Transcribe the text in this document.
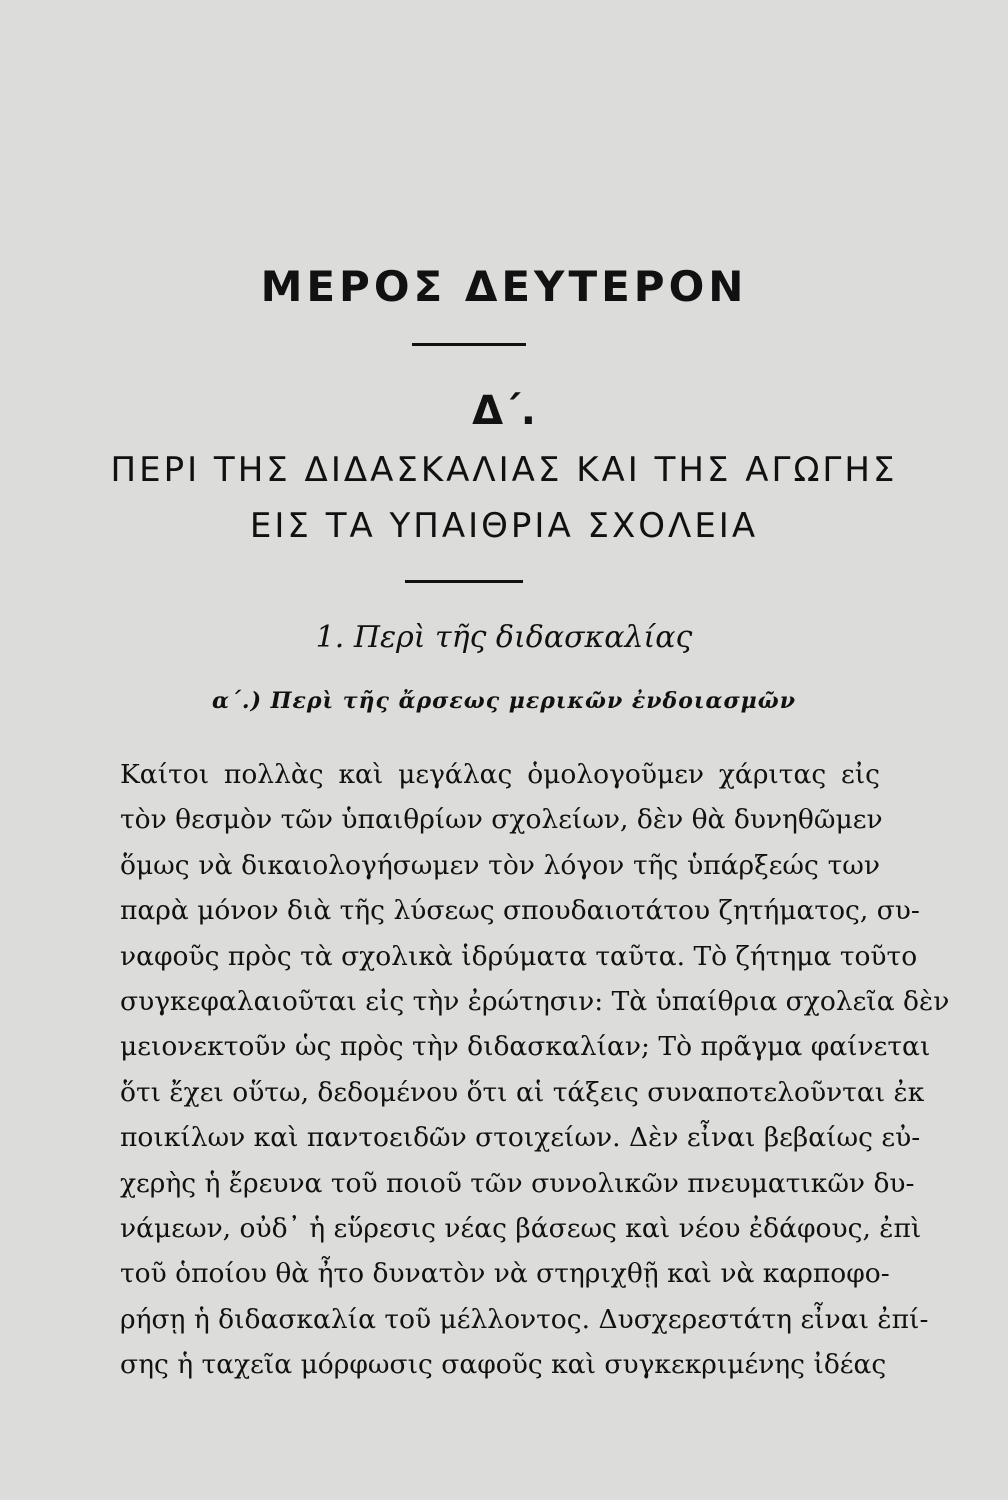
ΜΕΡΟΣ ΔΕΥΤΕΡΟΝ
Δ΄.
ΠΕΡΙ ΤΗΣ ΔΙΔΑΣΚΑΛΙΑΣ ΚΑΙ ΤΗΣ ΑΓΩΓΗΣ
ΕΙΣ ΤΑ ΥΠΑΙΘΡΙΑ ΣΧΟΛΕΙΑ
1. Περὶ τῆς διδασκαλίας
α΄.) Περὶ τῆς ἄρσεως μερικῶν ἐνδοιασμῶν
Καίτοι πολλὰς καὶ μεγάλας ὁμολογοῦμεν χάριτας εἰς
τὸν θεσμὸν τῶν ὑπαιθρίων σχολείων, δὲν θὰ δυνηθῶμεν
ὅμως νὰ δικαιολογήσωμεν τὸν λόγον τῆς ὑπάρξεώς των
παρὰ μόνον διὰ τῆς λύσεως σπουδαιοτάτου ζητήματος, συ-
ναφοῦς πρὸς τὰ σχολικὰ ἱδρύματα ταῦτα. Τὸ ζήτημα τοῦτο
συγκεφαλαιοῦται εἰς τὴν ἐρώτησιν: Τὰ ὑπαίθρια σχολεῖα δὲν
μειονεκτοῦν ὡς πρὸς τὴν διδασκαλίαν; Τὸ πρᾶγμα φαίνεται
ὅτι ἔχει οὕτω, δεδομένου ὅτι αἱ τάξεις συναποτελοῦνται ἐκ
ποικίλων καὶ παντοειδῶν στοιχείων. Δὲν εἶναι βεβαίως εὐ-
χερὴς ἡ ἔρευνα τοῦ ποιοῦ τῶν συνολικῶν πνευματικῶν δυ-
νάμεων, οὐδ᾽ ἡ εὕρεσις νέας βάσεως καὶ νέου ἐδάφους, ἐπὶ
τοῦ ὁποίου θὰ ἦτο δυνατὸν νὰ στηριχθῇ καὶ νὰ καρποφο-
ρήσῃ ἡ διδασκαλία τοῦ μέλλοντος. Δυσχερεστάτη εἶναι ἐπί-
σης ἡ ταχεῖα μόρφωσις σαφοῦς καὶ συγκεκριμένης ἰδέας
